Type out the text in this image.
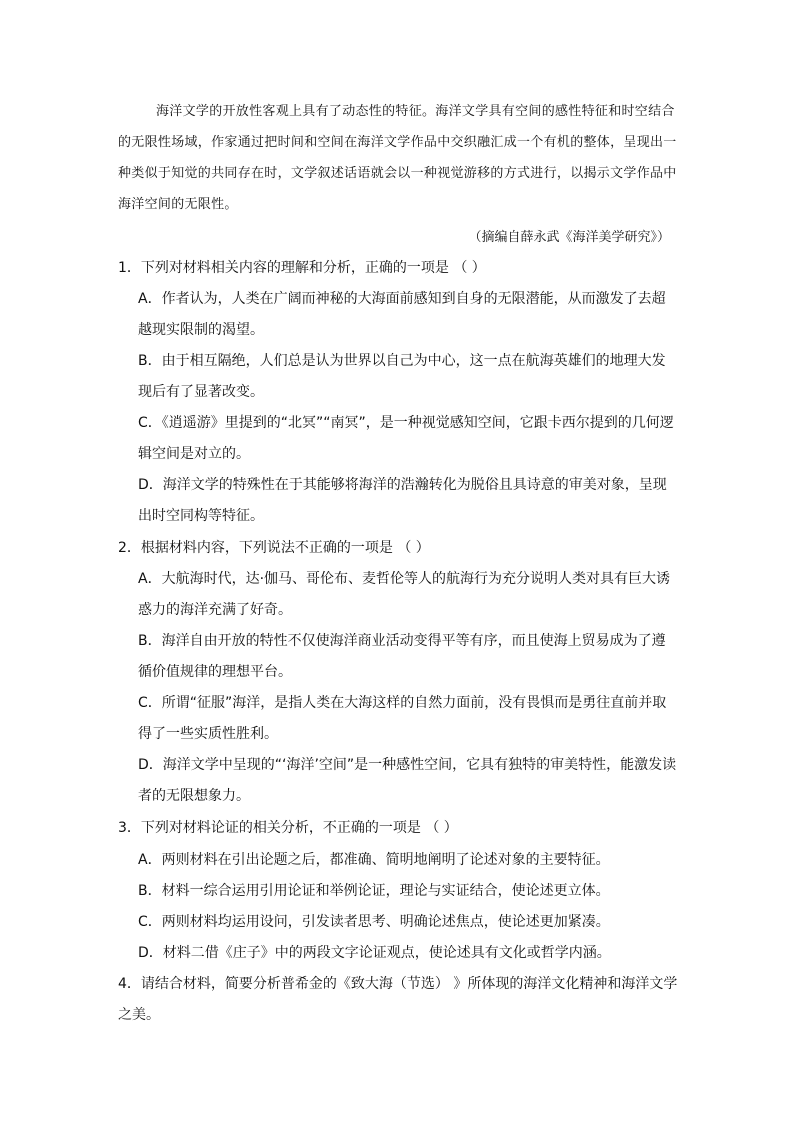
海洋文学的开放性客观上具有了动态性的特征。海洋文学具有空间的感性特征和时空结合的无限性场域，作家通过把时间和空间在海洋文学作品中交织融汇成一个有机的整体，呈现出一种类似于知觉的共同存在时，文学叙述话语就会以一种视觉游移的方式进行，以揭示文学作品中海洋空间的无限性。

（摘编自薛永武《海洋美学研究》）

1．下列对材料相关内容的理解和分析，正确的一项是 （ ）

A．作者认为，人类在广阔而神秘的大海面前感知到自身的无限潜能，从而激发了去超越现实限制的渴望。

B．由于相互隔绝，人们总是认为世界以自己为中心，这一点在航海英雄们的地理大发现后有了显著改变。

C．《逍遥游》里提到的“北冥”“南冥”，是一种视觉感知空间，它跟卡西尔提到的几何逻辑空间是对立的。

D．海洋文学的特殊性在于其能够将海洋的浩瀚转化为脱俗且具诗意的审美对象，呈现出时空同构等特征。

2．根据材料内容，下列说法不正确的一项是 （ ）

A．大航海时代，达·伽马、哥伦布、麦哲伦等人的航海行为充分说明人类对具有巨大诱惑力的海洋充满了好奇。

B．海洋自由开放的特性不仅使海洋商业活动变得平等有序，而且使海上贸易成为了遵循价值规律的理想平台。

C．所谓“征服”海洋，是指人类在大海这样的自然力面前，没有畏惧而是勇往直前并取得了一些实质性胜利。

D．海洋文学中呈现的“‘海洋’空间”是一种感性空间，它具有独特的审美特性，能激发读者的无限想象力。

3．下列对材料论证的相关分析，不正确的一项是 （ ）

A．两则材料在引出论题之后，都准确、简明地阐明了论述对象的主要特征。

B．材料一综合运用引用论证和举例论证，理论与实证结合，使论述更立体。

C．两则材料均运用设问，引发读者思考、明确论述焦点，使论述更加紧凑。

D．材料二借《庄子》中的两段文字论证观点，使论述具有文化或哲学内涵。

4．请结合材料，简要分析普希金的《致大海（节选） 》所体现的海洋文化精神和海洋文学之美。
